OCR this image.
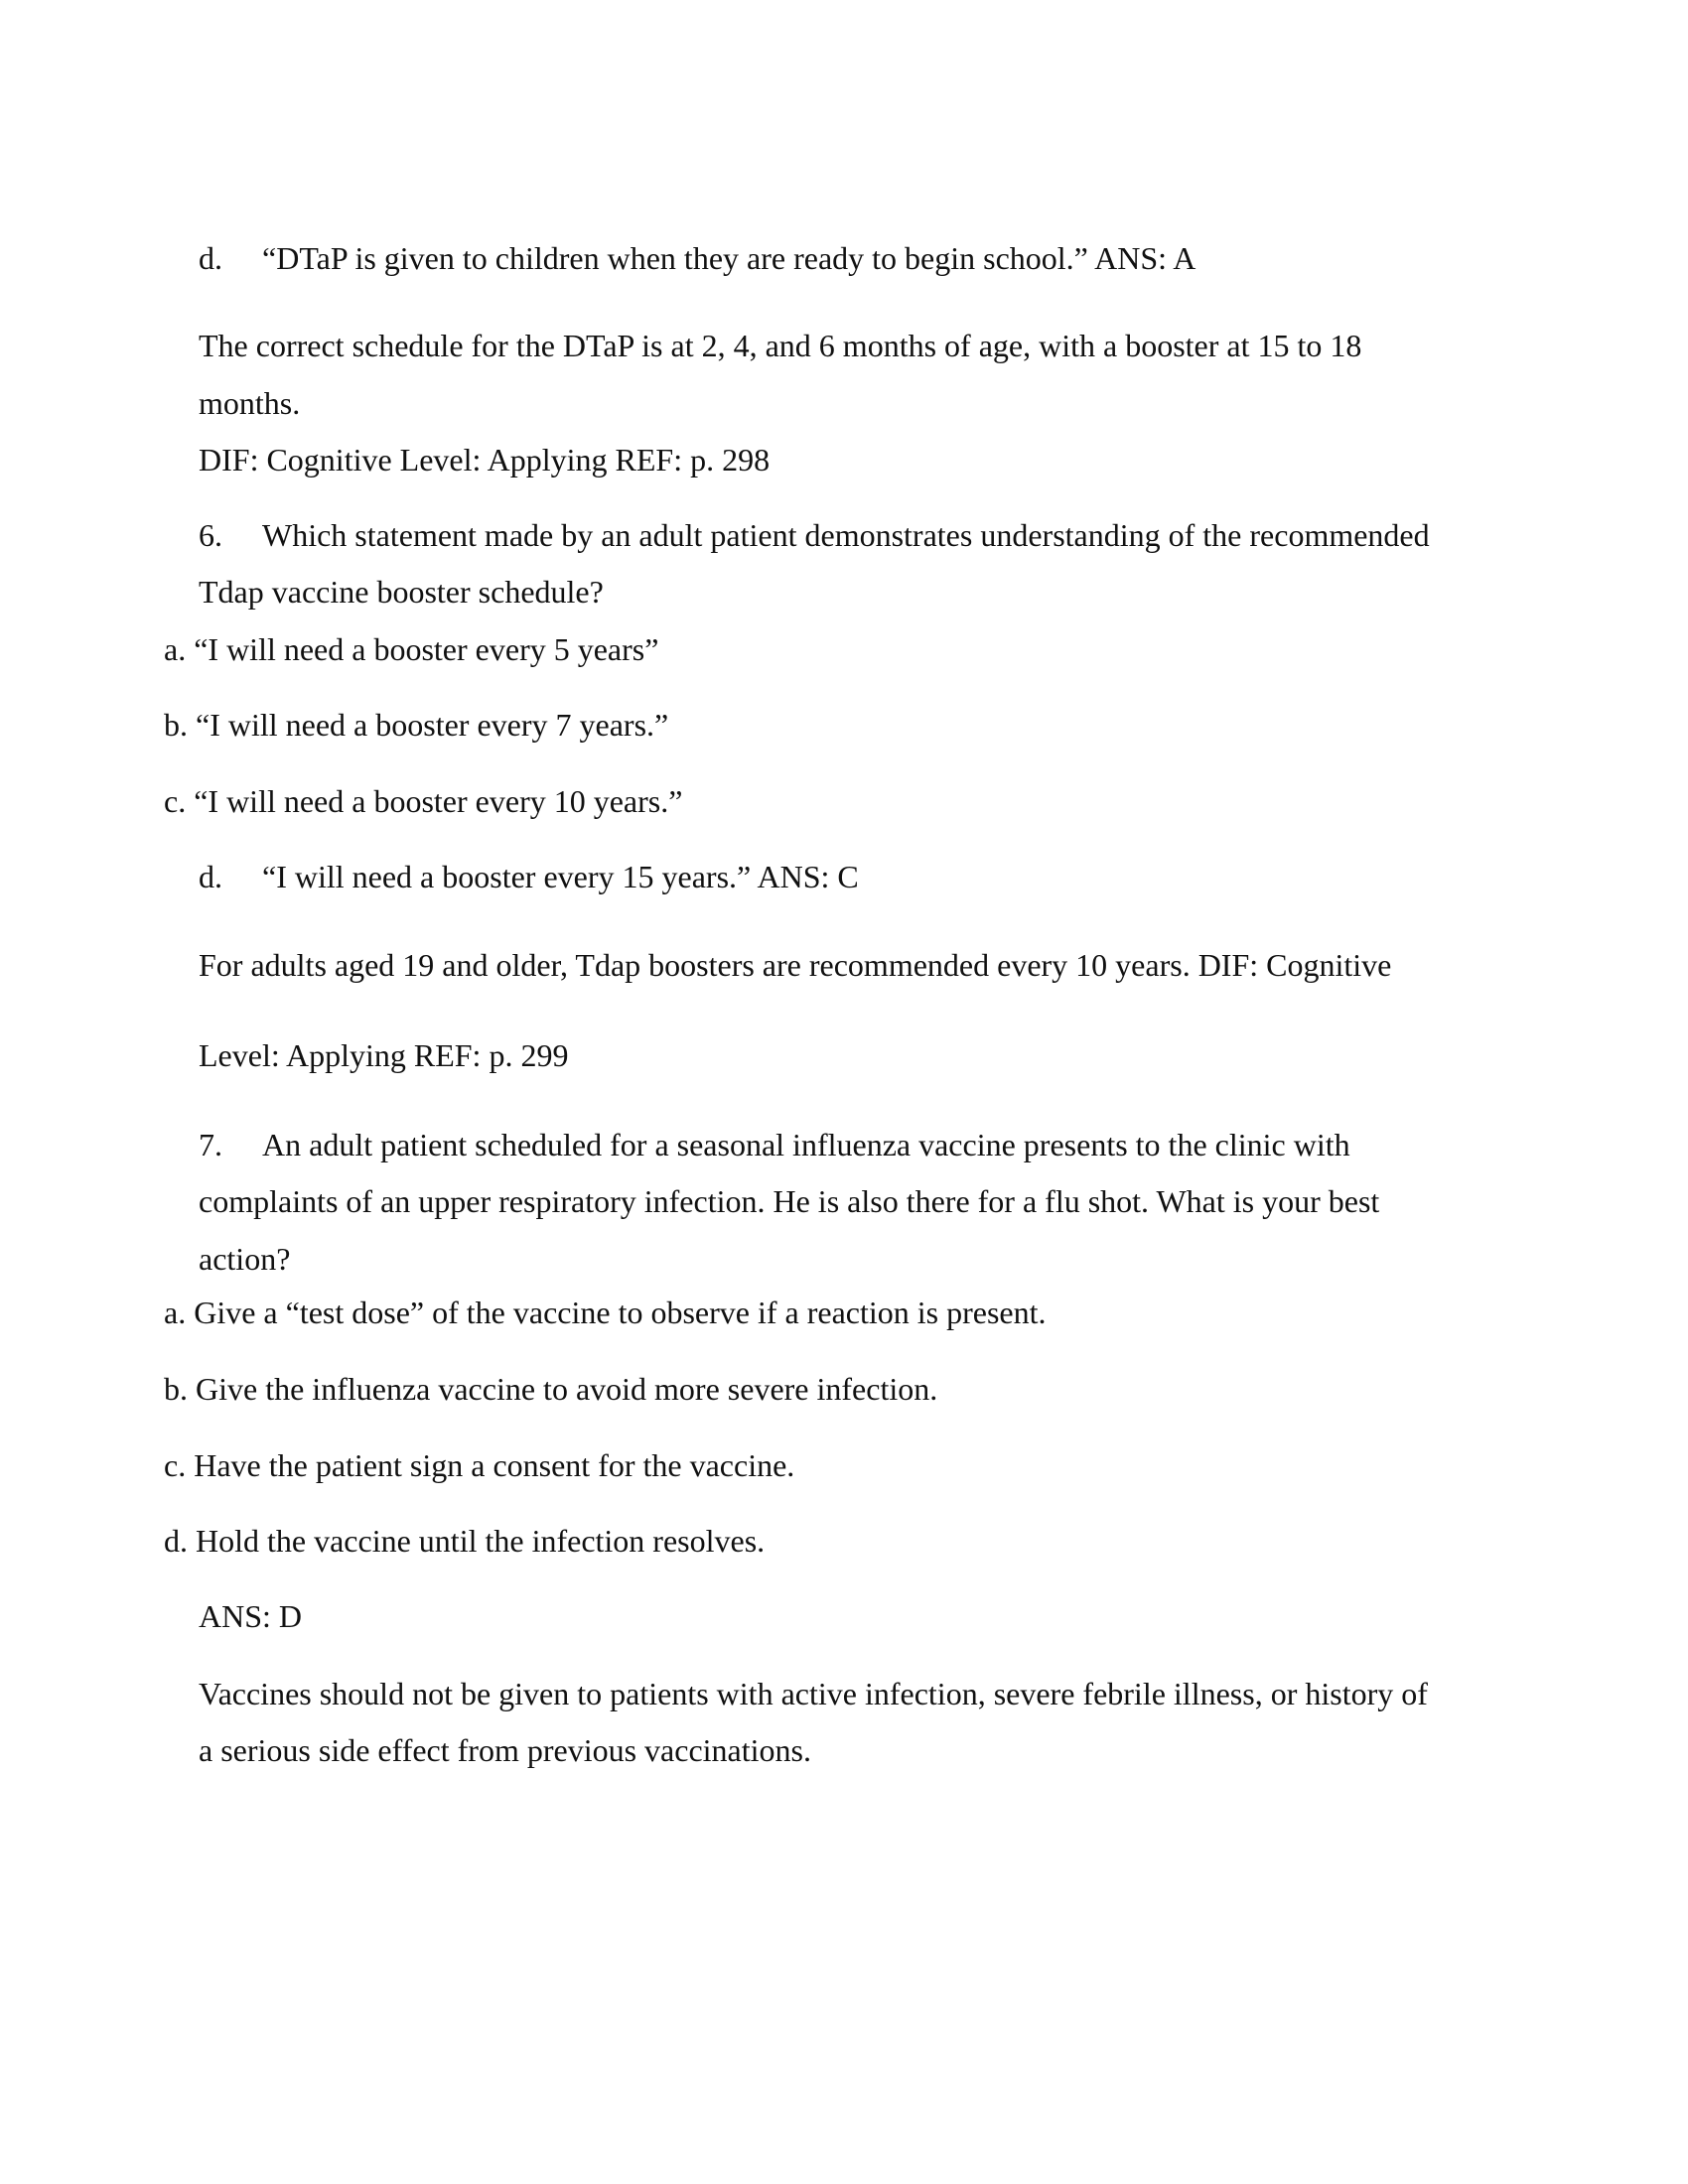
d. “DTaP is given to children when they are ready to begin school.” ANS: A
The correct schedule for the DTaP is at 2, 4, and 6 months of age, with a booster at 15 to 18
months.
DIF: Cognitive Level: Applying REF: p. 298
6. Which statement made by an adult patient demonstrates understanding of the recommended
Tdap vaccine booster schedule?
a. “I will need a booster every 5 years”
b. “I will need a booster every 7 years.”
c. “I will need a booster every 10 years.”
d. “I will need a booster every 15 years.” ANS: C
For adults aged 19 and older, Tdap boosters are recommended every 10 years. DIF: Cognitive
Level: Applying REF: p. 299
7. An adult patient scheduled for a seasonal influenza vaccine presents to the clinic with
complaints of an upper respiratory infection. He is also there for a flu shot. What is your best
action?
a. Give a “test dose” of the vaccine to observe if a reaction is present.
b. Give the influenza vaccine to avoid more severe infection.
c. Have the patient sign a consent for the vaccine.
d. Hold the vaccine until the infection resolves.
ANS: D
Vaccines should not be given to patients with active infection, severe febrile illness, or history of
a serious side effect from previous vaccinations.
